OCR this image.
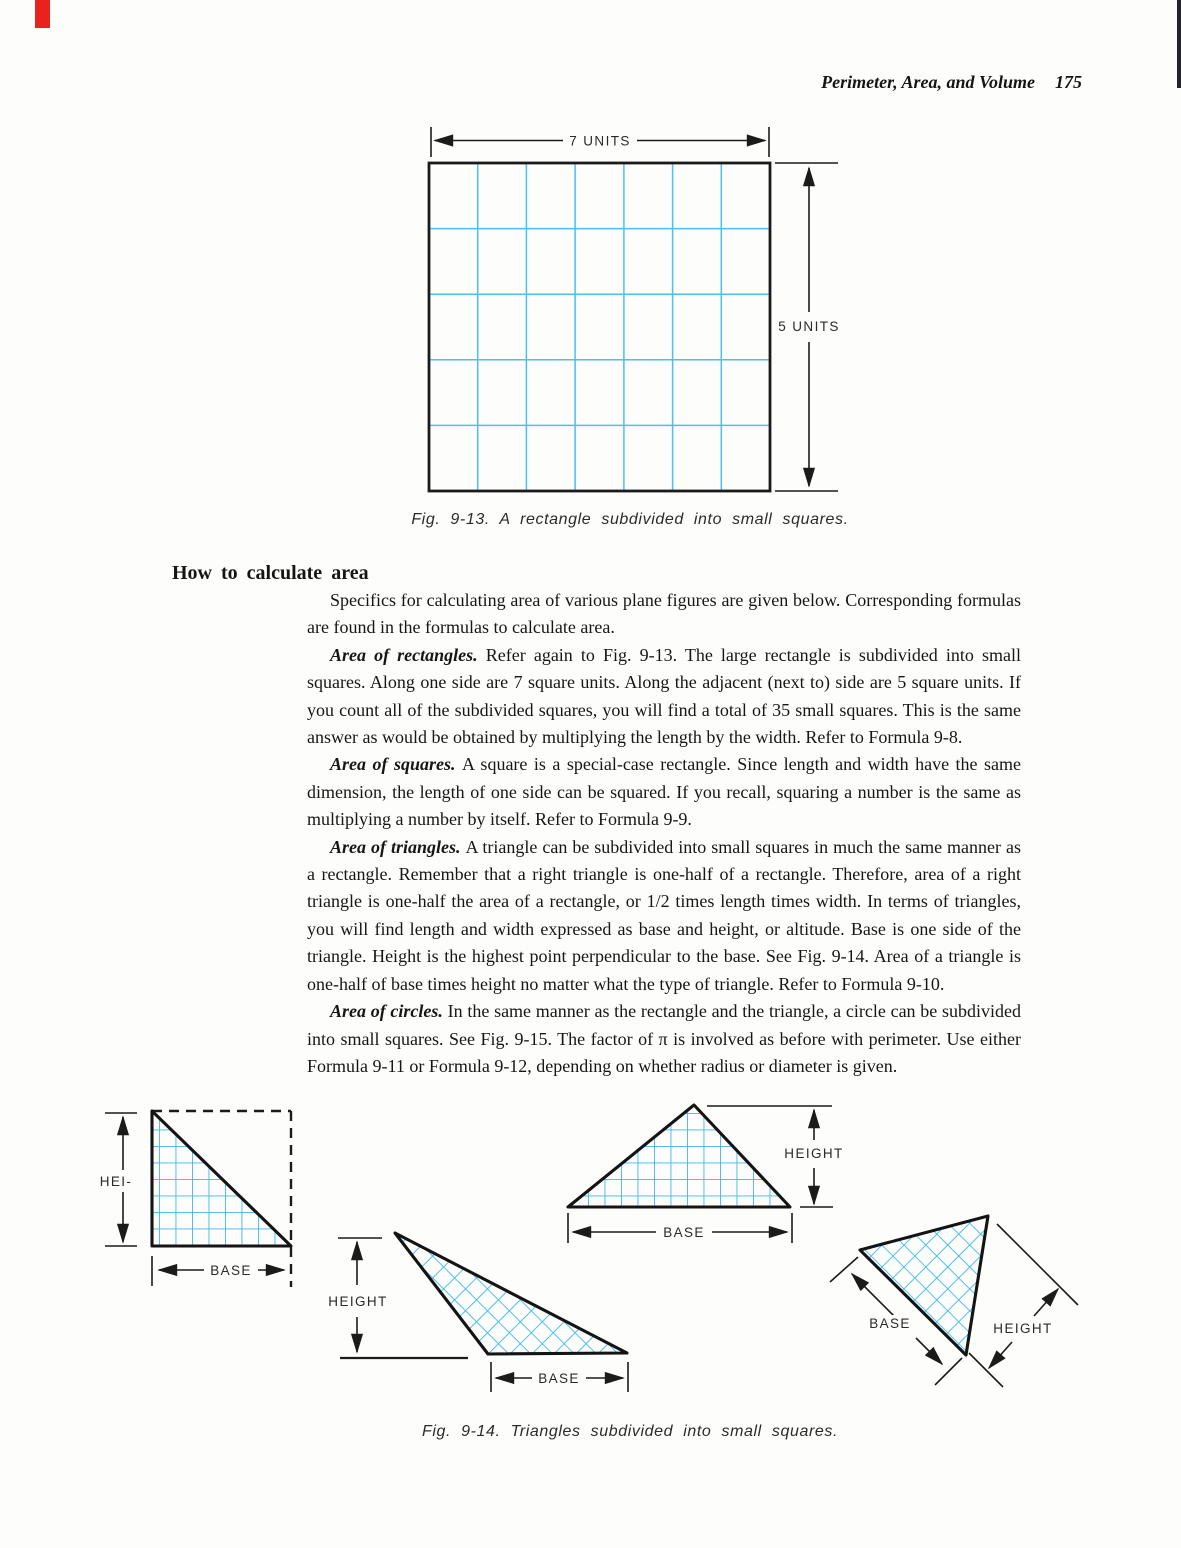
Perimeter, Area, and Volume 175
7 UNITS
5 UNITS
Fig. 9-13. A rectangle subdivided into small squares.
How to calculate area

Specifics for calculating area of various plane figures are given below. Corresponding formulas are found in the formulas to calculate area.

Area of rectangles. Refer again to Fig. 9-13. The large rectangle is subdivided into small squares. Along one side are 7 square units. Along the adjacent (next to) side are 5 square units. If you count all of the subdivided squares, you will find a total of 35 small squares. This is the same answer as would be obtained by multiplying the length by the width. Refer to Formula 9-8.

Area of squares. A square is a special-case rectangle. Since length and width have the same dimension, the length of one side can be squared. If you recall, squaring a number is the same as multiplying a number by itself. Refer to Formula 9-9.

Area of triangles. A triangle can be subdivided into small squares in much the same manner as a rectangle. Remember that a right triangle is one-half of a rectangle. Therefore, area of a right triangle is one-half the area of a rectangle, or 1/2 times length times width. In terms of triangles, you will find length and width expressed as base and height, or altitude. Base is one side of the triangle. Height is the highest point perpendicular to the base. See Fig. 9-14. Area of a triangle is one-half of base times height no matter what the type of triangle. Refer to Formula 9-10.

Area of circles. In the same manner as the rectangle and the triangle, a circle can be subdivided into small squares. See Fig. 9-15. The factor of π is involved as before with perimeter. Use either Formula 9-11 or Formula 9-12, depending on whether radius or diameter is given.

HEI-
BASE
HEIGHT
BASE
HEIGHT
BASE
BASE	HEIGHT
Fig. 9-14. Triangles subdivided into small squares.
